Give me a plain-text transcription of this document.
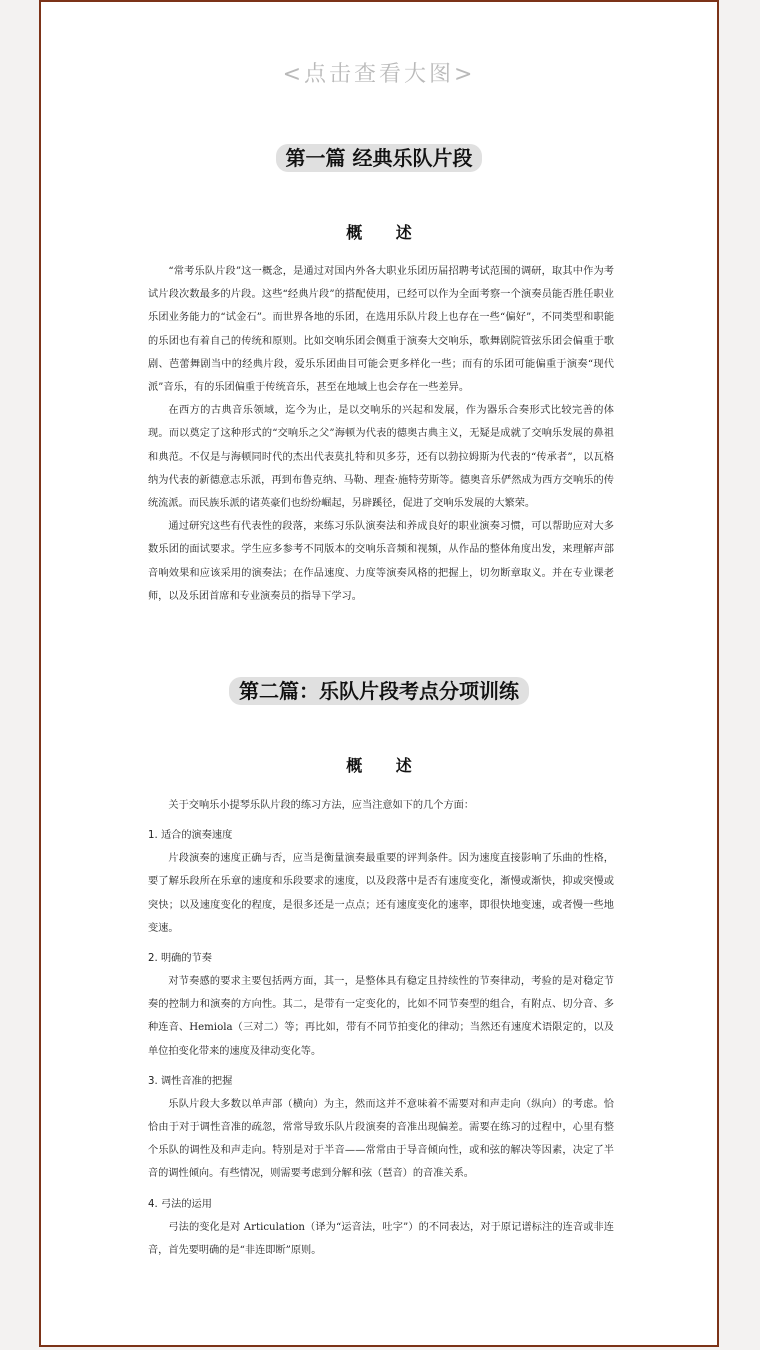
<点击查看大图>
第一篇 经典乐队片段
概 述

“常考乐队片段”这一概念，是通过对国内外各大职业乐团历届招聘考试范围的调研，取其中作为考试片段次数最多的片段。这些“经典片段”的搭配使用，已经可以作为全面考察一个演奏员能否胜任职业乐团业务能力的“试金石”。而世界各地的乐团，在选用乐队片段上也存在一些“偏好”，不同类型和职能的乐团也有着自己的传统和原则。比如交响乐团会侧重于演奏大交响乐，歌舞剧院管弦乐团会偏重于歌剧、芭蕾舞剧当中的经典片段，爱乐乐团曲目可能会更多样化一些；而有的乐团可能偏重于演奏“现代派”音乐，有的乐团偏重于传统音乐，甚至在地域上也会存在一些差异。

在西方的古典音乐领域，迄今为止，是以交响乐的兴起和发展，作为器乐合奏形式比较完善的体现。而以奠定了这种形式的“交响乐之父”海顿为代表的德奥古典主义，无疑是成就了交响乐发展的鼻祖和典范。不仅是与海顿同时代的杰出代表莫扎特和贝多芬，还有以勃拉姆斯为代表的“传承者”，以瓦格纳为代表的新德意志乐派，再到布鲁克纳、马勒、理查·施特劳斯等。德奥音乐俨然成为西方交响乐的传统流派。而民族乐派的诸英豪们也纷纷崛起，另辟蹊径，促进了交响乐发展的大繁荣。

通过研究这些有代表性的段落，来练习乐队演奏法和养成良好的职业演奏习惯，可以帮助应对大多数乐团的面试要求。学生应多参考不同版本的交响乐音频和视频，从作品的整体角度出发，来理解声部音响效果和应该采用的演奏法；在作品速度、力度等演奏风格的把握上，切勿断章取义。并在专业课老师，以及乐团首席和专业演奏员的指导下学习。

第二篇：乐队片段考点分项训练
概 述

关于交响乐小提琴乐队片段的练习方法，应当注意如下的几个方面：

1. 适合的演奏速度

片段演奏的速度正确与否，应当是衡量演奏最重要的评判条件。因为速度直接影响了乐曲的性格，要了解乐段所在乐章的速度和乐段要求的速度，以及段落中是否有速度变化，渐慢或渐快，抑或突慢或突快；以及速度变化的程度，是很多还是一点点；还有速度变化的速率，即很快地变速，或者慢一些地变速。

2. 明确的节奏

对节奏感的要求主要包括两方面，其一，是整体具有稳定且持续性的节奏律动，考验的是对稳定节奏的控制力和演奏的方向性。其二，是带有一定变化的，比如不同节奏型的组合，有附点、切分音、多种连音、Hemiola（三对二）等；再比如，带有不同节拍变化的律动；当然还有速度术语限定的，以及单位拍变化带来的速度及律动变化等。

3. 调性音准的把握

乐队片段大多数以单声部（横向）为主，然而这并不意味着不需要对和声走向（纵向）的考虑。恰恰由于对于调性音准的疏忽，常常导致乐队片段演奏的音准出现偏差。需要在练习的过程中，心里有整个乐队的调性及和声走向。特别是对于半音——常常由于导音倾向性，或和弦的解决等因素，决定了半音的调性倾向。有些情况，则需要考虑到分解和弦（琶音）的音准关系。

4. 弓法的运用

弓法的变化是对 Articulation（译为“运音法，吐字”）的不同表达，对于原记谱标注的连音或非连音，首先要明确的是“非连即断”原则。
